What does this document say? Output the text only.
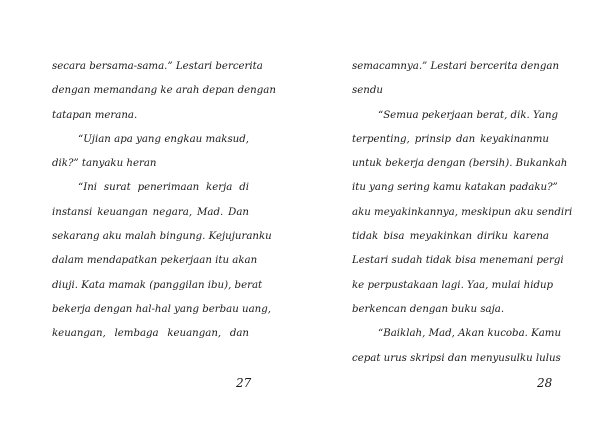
secara bersama-sama.” Lestari bercerita
dengan memandang ke arah depan dengan
tatapan merana.
“Ujian apa yang engkau maksud,
dik?” tanyaku heran
“Ini surat penerimaan kerja di
instansi keuangan negara, Mad. Dan
sekarang aku malah bingung. Kejujuranku
dalam mendapatkan pekerjaan itu akan
diuji. Kata mamak (panggilan ibu), berat
bekerja dengan hal-hal yang berbau uang,
keuangan, lembaga keuangan, dan
27
semacamnya.” Lestari bercerita dengan
sendu
“Semua pekerjaan berat, dik. Yang
terpenting, prinsip dan keyakinanmu
untuk bekerja dengan (bersih). Bukankah
itu yang sering kamu katakan padaku?”
aku meyakinkannya, meskipun aku sendiri
tidak bisa meyakinkan diriku karena
Lestari sudah tidak bisa menemani pergi
ke perpustakaan lagi. Yaa, mulai hidup
berkencan dengan buku saja.
“Baiklah, Mad, Akan kucoba. Kamu
cepat urus skripsi dan menyusulku lulus
28
